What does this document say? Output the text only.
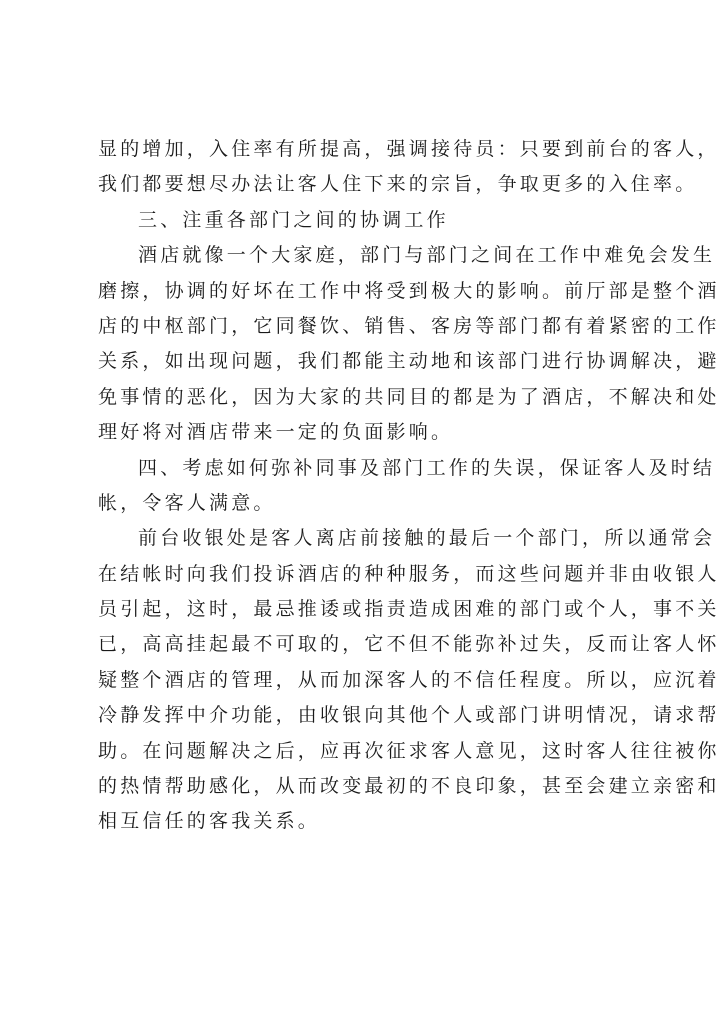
显的增加，入住率有所提高，强调接待员：只要到前台的客人，
我们都要想尽办法让客人住下来的宗旨，争取更多的入住率。
三、注重各部门之间的协调工作
酒店就像一个大家庭，部门与部门之间在工作中难免会发生
磨擦，协调的好坏在工作中将受到极大的影响。前厅部是整个酒
店的中枢部门，它同餐饮、销售、客房等部门都有着紧密的工作
关系，如出现问题，我们都能主动地和该部门进行协调解决，避
免事情的恶化，因为大家的共同目的都是为了酒店，不解决和处
理好将对酒店带来一定的负面影响。
四、考虑如何弥补同事及部门工作的失误，保证客人及时结
帐，令客人满意。
前台收银处是客人离店前接触的最后一个部门，所以通常会
在结帐时向我们投诉酒店的种种服务，而这些问题并非由收银人
员引起，这时，最忌推诿或指责造成困难的部门或个人，事不关
已，高高挂起最不可取的，它不但不能弥补过失，反而让客人怀
疑整个酒店的管理，从而加深客人的不信任程度。所以，应沉着
冷静发挥中介功能，由收银向其他个人或部门讲明情况，请求帮
助。在问题解决之后，应再次征求客人意见，这时客人往往被你
的热情帮助感化，从而改变最初的不良印象，甚至会建立亲密和
相互信任的客我关系。
